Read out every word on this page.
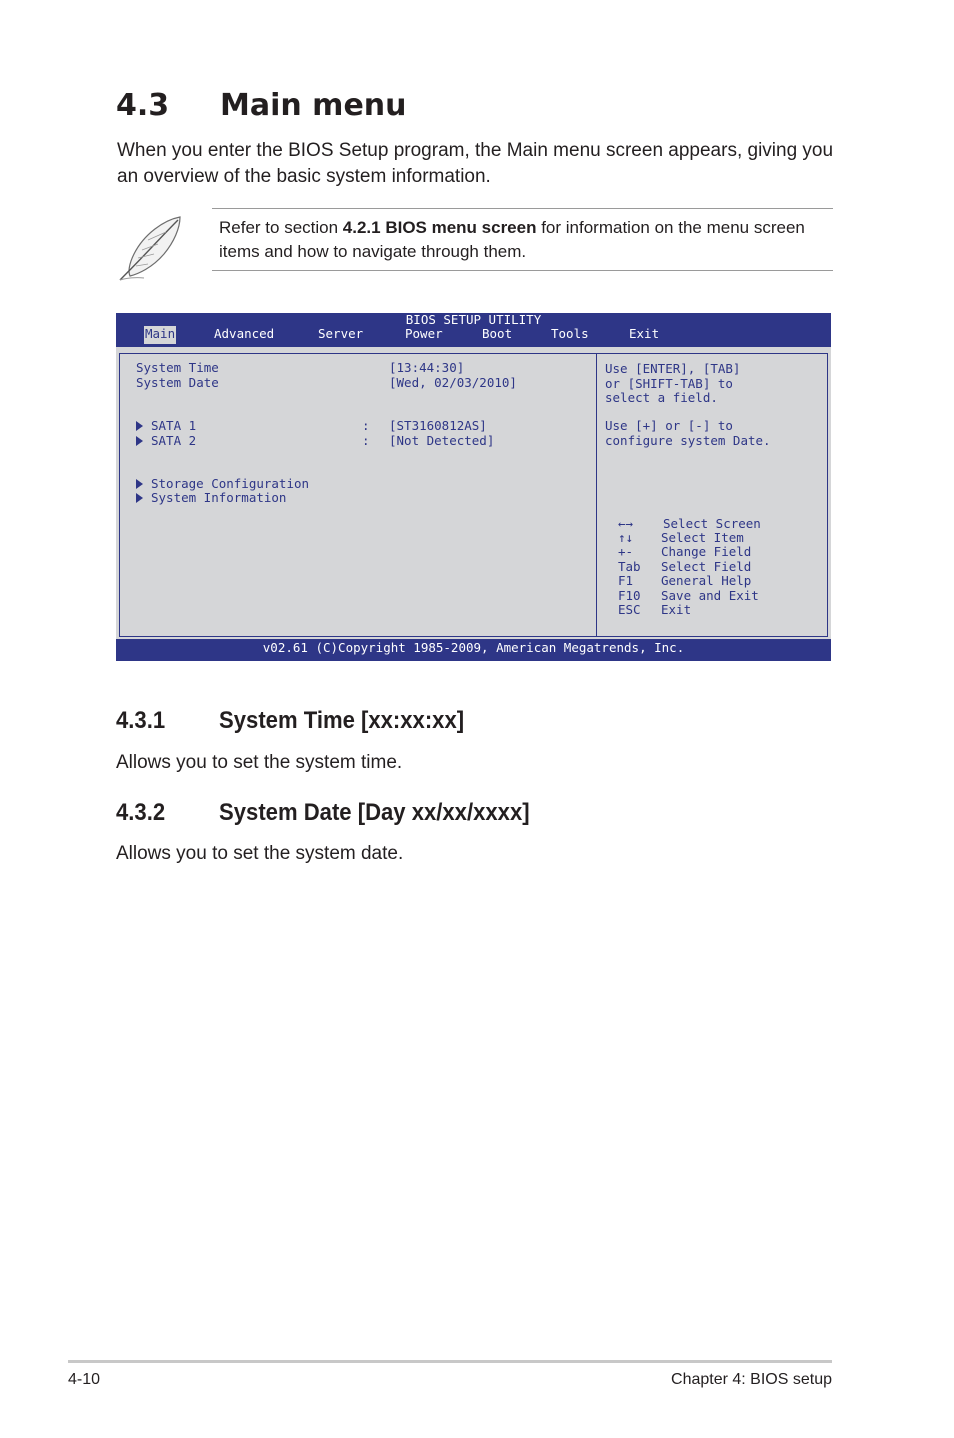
4.3 Main menu
When you enter the BIOS Setup program, the Main menu screen appears, giving you an overview of the basic system information.
Refer to section 4.2.1 BIOS menu screen for information on the menu screen items and how to navigate through them.
BIOS SETUP UTILITY
Main	Advanced	Server	Power	Boot	Tools	Exit
System Time	[13:44:30]
System Date	[Wed, 02/03/2010]
SATA 1	: [ST3160812AS]
SATA 2	: [Not Detected]
Storage Configuration
System Information
Use [ENTER], [TAB]
or [SHIFT-TAB] to
select a field.
Use [+] or [-] to
configure system Date.
←→ Select Screen
↑↓ Select Item
+- Change Field
Tab Select Field
F1 General Help
F10 Save and Exit
ESC Exit
v02.61 (C)Copyright 1985-2009, American Megatrends, Inc.
4.3.1 System Time [xx:xx:xx]
Allows you to set the system time.
4.3.2 System Date [Day xx/xx/xxxx]
Allows you to set the system date.
4-10	Chapter 4: BIOS setup
